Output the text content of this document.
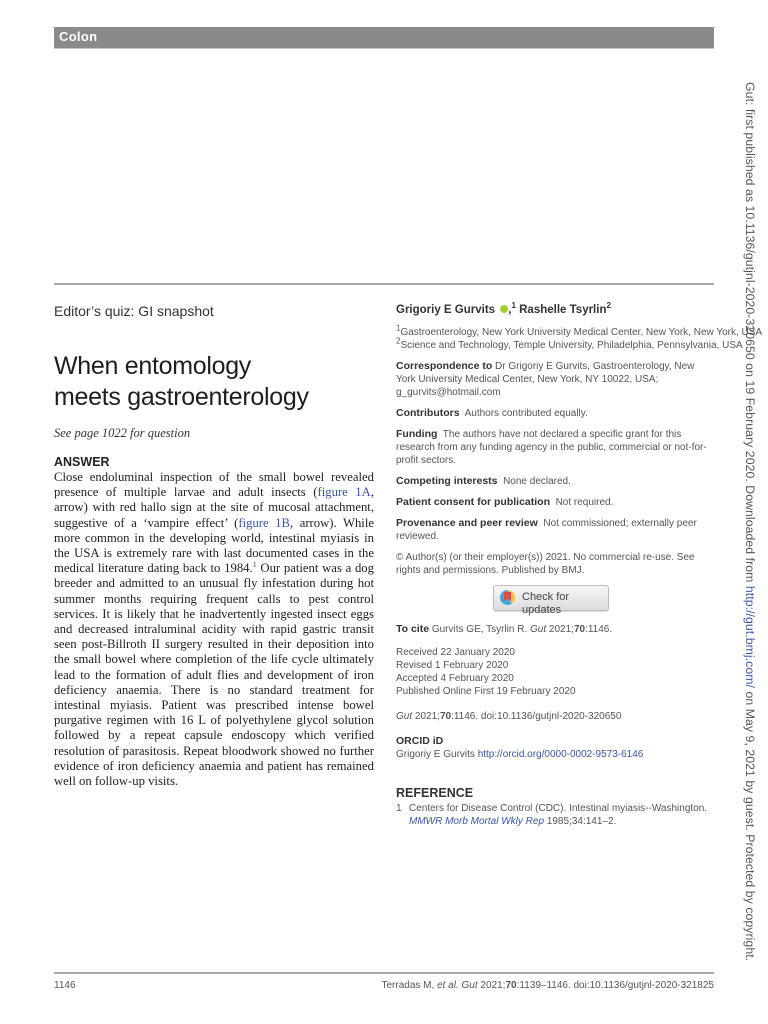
Colon
Editor’s quiz: GI snapshot
When entomology
meets gastroenterology
See page 1022 for question
ANSWER

Close endoluminal inspection of the small bowel revealed presence of multiple larvae and adult insects (figure 1A, arrow) with red hallo sign at the site of mucosal attachment, suggestive of a ‘vampire effect’ (figure 1B, arrow). While more common in the developing world, intestinal myiasis in the USA is extremely rare with last documented cases in the medical literature dating back to 1984.$^1$ Our patient was a dog breeder and admitted to an unusual fly infestation during hot summer months requiring frequent calls to pest control services. It is likely that he inadvertently ingested insect eggs and decreased intraluminal acidity with rapid gastric transit seen post-Billroth II surgery resulted in their deposition into the small bowel where completion of the life cycle ultimately lead to the formation of adult flies and development of iron deficiency anaemia. There is no standard treatment for intestinal myiasis. Patient was prescribed intense bowel purgative regimen with 16 L of polyethylene glycol solution followed by a repeat capsule endoscopy which verified resolution of parasitosis. Repeat bloodwork showed no further evidence of iron deficiency anaemia and patient has remained well on follow-up visits.

Grigoriy E Gurvits ,$^1$ Rashelle Tsyrlin$^2$

$^1$Gastroenterology, New York University Medical Center, New York, New York, USA
$^2$Science and Technology, Temple University, Philadelphia, Pennsylvania, USA
Correspondence to Dr Grigoriy E Gurvits, Gastroenterology, New York University Medical Center, New York, NY 10022, USA; g_gurvits@hotmail.com
Contributors Authors contributed equally.
Funding The authors have not declared a specific grant for this research from any funding agency in the public, commercial or not-for-profit sectors.
Competing interests None declared.
Patient consent for publication Not required.
Provenance and peer review Not commissioned; externally peer reviewed.
© Author(s) (or their employer(s)) 2021. No commercial re-use. See rights and permissions. Published by BMJ.
Check for updates
To cite Gurvits GE, Tsyrlin R. Gut 2021;70:1146.
Received 22 January 2020
Revised 1 February 2020
Accepted 4 February 2020
Published Online First 19 February 2020
Gut 2021;70:1146. doi:10.1136/gutjnl-2020-320650
ORCID iD
Grigoriy E Gurvits http://orcid.org/0000-0002-9573-6146
REFERENCE
1 Centers for Disease Control (CDC). Intestinal myiasis--Washington. MMWR Morb Mortal Wkly Rep 1985;34:141–2.
Gut: first published as 10.1136/gutjnl-2020-320650 on 19 February 2020. Downloaded from http://gut.bmj.com/ on May 9, 2021 by guest. Protected by copyright.
1146	Terradas M, et al. Gut 2021;70:1139–1146. doi:10.1136/gutjnl-2020-321825
